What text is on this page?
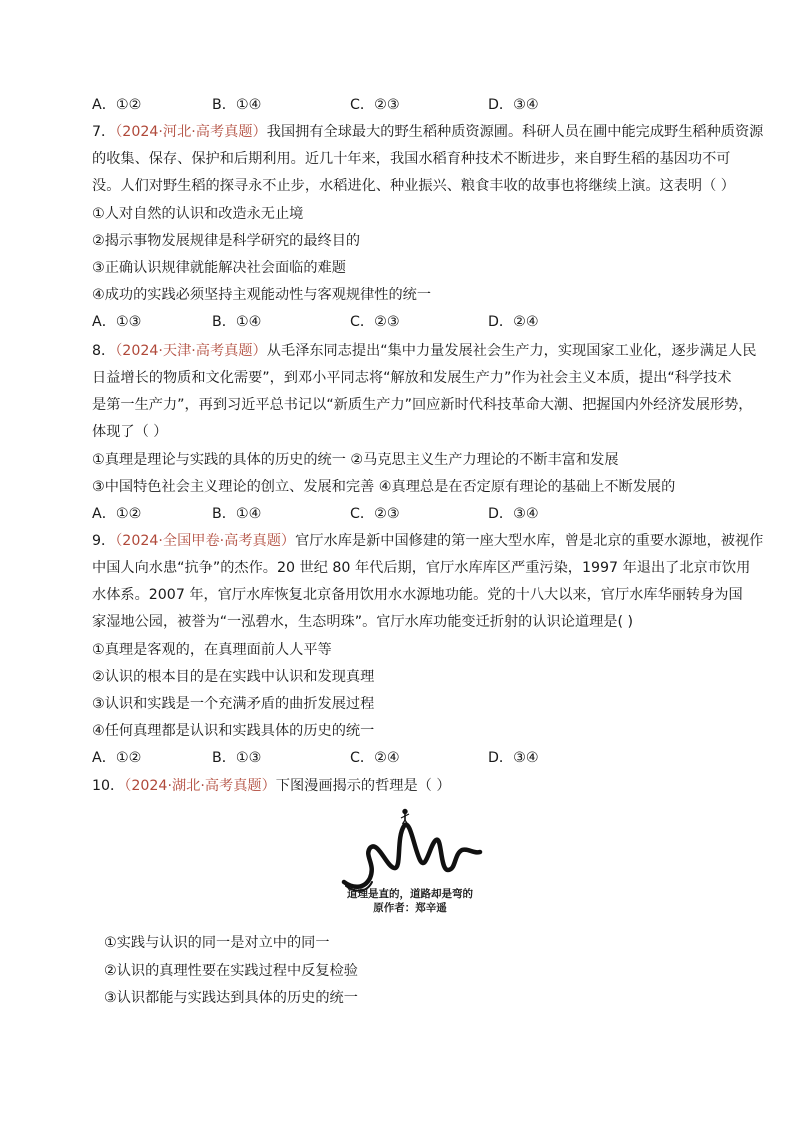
A．①②	B．①④	C．②③	D．③④
7．（2024·河北·高考真题）我国拥有全球最大的野生稻种质资源圃。科研人员在圃中能完成野生稻种质资源
的收集、保存、保护和后期利用。近几十年来，我国水稻育种技术不断进步，来自野生稻的基因功不可
没。人们对野生稻的探寻永不止步，水稻进化、种业振兴、粮食丰收的故事也将继续上演。这表明（ ）
①人对自然的认识和改造永无止境
②揭示事物发展规律是科学研究的最终目的
③正确认识规律就能解决社会面临的难题
④成功的实践必须坚持主观能动性与客观规律性的统一
A．①③	B．①④	C．②③	D．②④
8．（2024·天津·高考真题）从毛泽东同志提出“集中力量发展社会生产力，实现国家工业化，逐步满足人民
日益增长的物质和文化需要”，到邓小平同志将“解放和发展生产力”作为社会主义本质，提出“科学技术
是第一生产力”，再到习近平总书记以“新质生产力”回应新时代科技革命大潮、把握国内外经济发展形势，
体现了（ ）
①真理是理论与实践的具体的历史的统一 ②马克思主义生产力理论的不断丰富和发展
③中国特色社会主义理论的创立、发展和完善 ④真理总是在否定原有理论的基础上不断发展的
A．①②	B．①④	C．②③	D．③④
9．（2024·全国甲卷·高考真题）官厅水库是新中国修建的第一座大型水库，曾是北京的重要水源地，被视作
中国人向水患“抗争”的杰作。20 世纪 80 年代后期，官厅水库库区严重污染，1997 年退出了北京市饮用
水体系。2007 年，官厅水库恢复北京备用饮用水水源地功能。党的十八大以来，官厅水库华丽转身为国
家湿地公园，被誉为“一泓碧水，生态明珠”。官厅水库功能变迁折射的认识论道理是( )
①真理是客观的，在真理面前人人平等
②认识的根本目的是在实践中认识和发现真理
③认识和实践是一个充满矛盾的曲折发展过程
④任何真理都是认识和实践具体的历史的统一
A．①②	B．①③	C．②④	D．③④
10．（2024·湖北·高考真题）下图漫画揭示的哲理是（ ）
道理是直的，道路却是弯的
原作者：郑辛遥
①实践与认识的同一是对立中的同一
②认识的真理性要在实践过程中反复检验
③认识都能与实践达到具体的历史的统一
